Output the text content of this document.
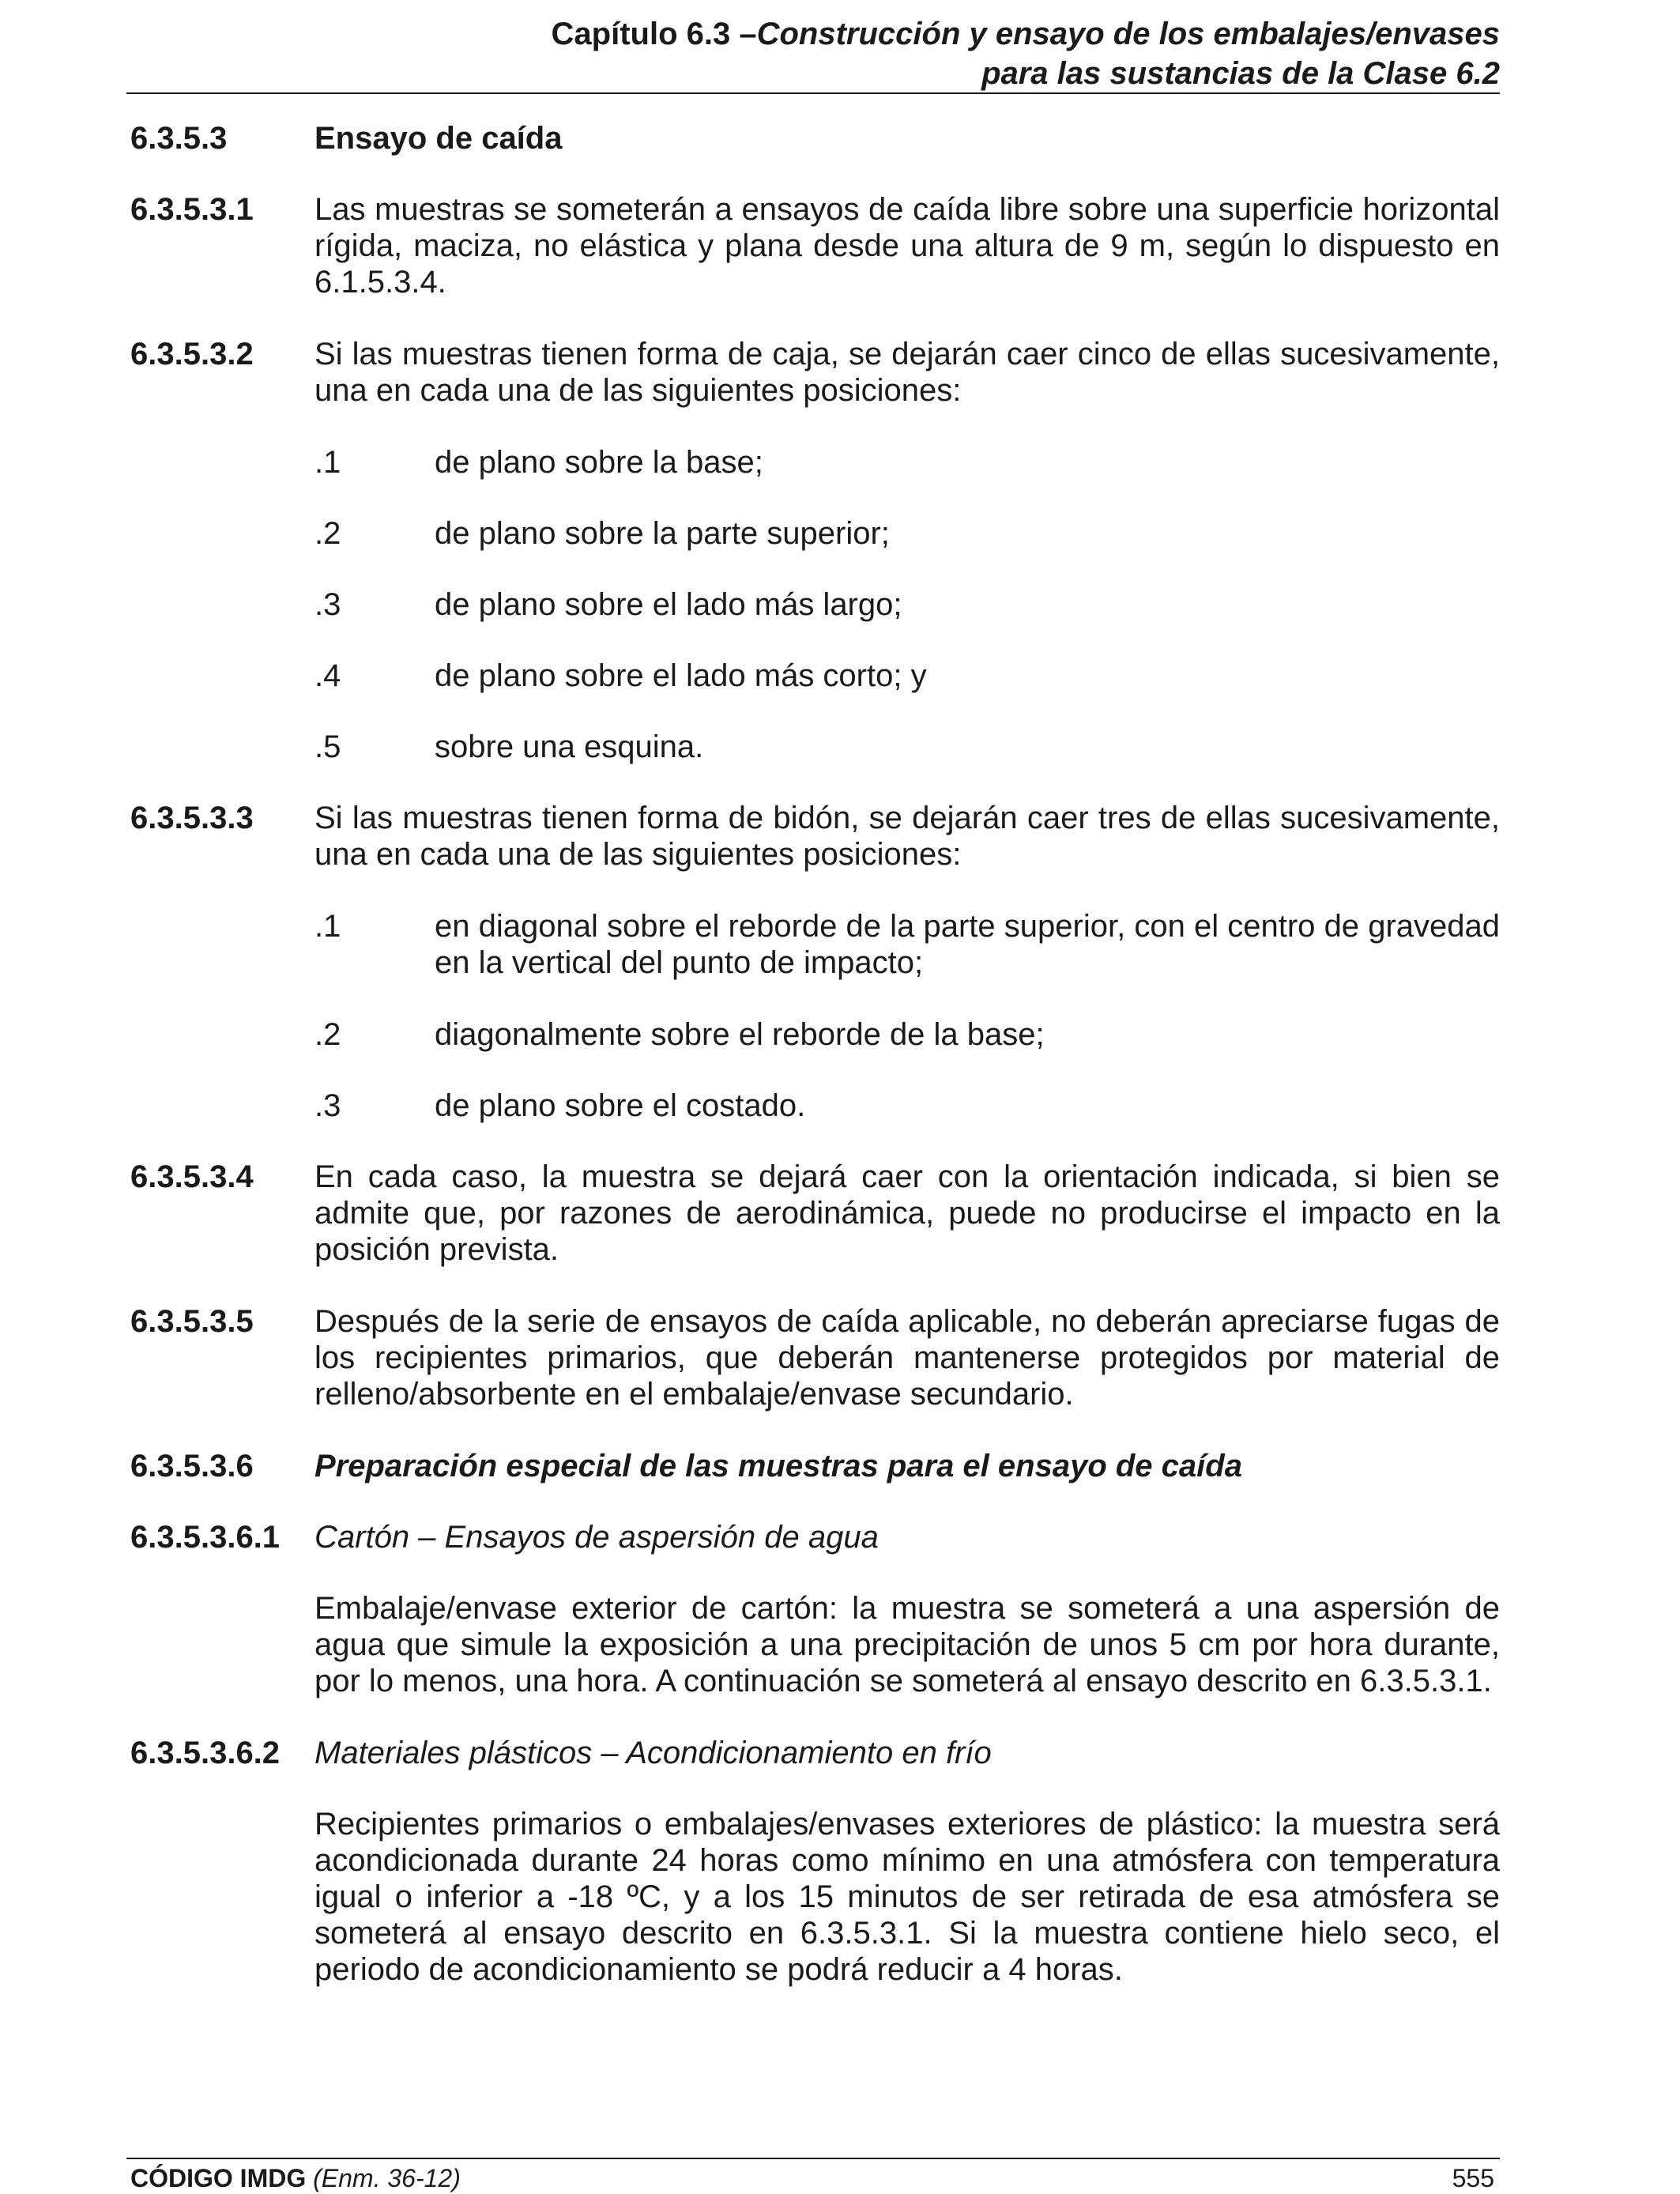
Capítulo 6.3 –Construcción y ensayo de los embalajes/envases
para las sustancias de la Clase 6.2
6.3.5.3	Ensayo de caída
6.3.5.3.1	Las muestras se someterán a ensayos de caída libre sobre una superficie horizontal rígida, maciza, no elástica y plana desde una altura de 9 m, según lo dispuesto en 6.1.5.3.4.
6.3.5.3.2	Si las muestras tienen forma de caja, se dejarán caer cinco de ellas sucesivamente, una en cada una de las siguientes posiciones:
.1	de plano sobre la base;
.2	de plano sobre la parte superior;
.3	de plano sobre el lado más largo;
.4	de plano sobre el lado más corto; y
.5	sobre una esquina.
6.3.5.3.3	Si las muestras tienen forma de bidón, se dejarán caer tres de ellas sucesivamente, una en cada una de las siguientes posiciones:
.1	en diagonal sobre el reborde de la parte superior, con el centro de gravedad en la vertical del punto de impacto;
.2	diagonalmente sobre el reborde de la base;
.3	de plano sobre el costado.
6.3.5.3.4	En cada caso, la muestra se dejará caer con la orientación indicada, si bien se admite que, por razones de aerodinámica, puede no producirse el impacto en la posición prevista.
6.3.5.3.5	Después de la serie de ensayos de caída aplicable, no deberán apreciarse fugas de los recipientes primarios, que deberán mantenerse protegidos por material de relleno/absorbente en el embalaje/envase secundario.
6.3.5.3.6	Preparación especial de las muestras para el ensayo de caída
6.3.5.3.6.1	Cartón – Ensayos de aspersión de agua
Embalaje/envase exterior de cartón: la muestra se someterá a una aspersión de agua que simule la exposición a una precipitación de unos 5 cm por hora durante, por lo menos, una hora. A continuación se someterá al ensayo descrito en 6.3.5.3.1.
6.3.5.3.6.2	Materiales plásticos – Acondicionamiento en frío
Recipientes primarios o embalajes/envases exteriores de plástico: la muestra será acondicionada durante 24 horas como mínimo en una atmósfera con temperatura igual o inferior a -18 ºC, y a los 15 minutos de ser retirada de esa atmósfera se someterá al ensayo descrito en 6.3.5.3.1. Si la muestra contiene hielo seco, el periodo de acondicionamiento se podrá reducir a 4 horas.
CÓDIGO IMDG (Enm. 36-12)	555
